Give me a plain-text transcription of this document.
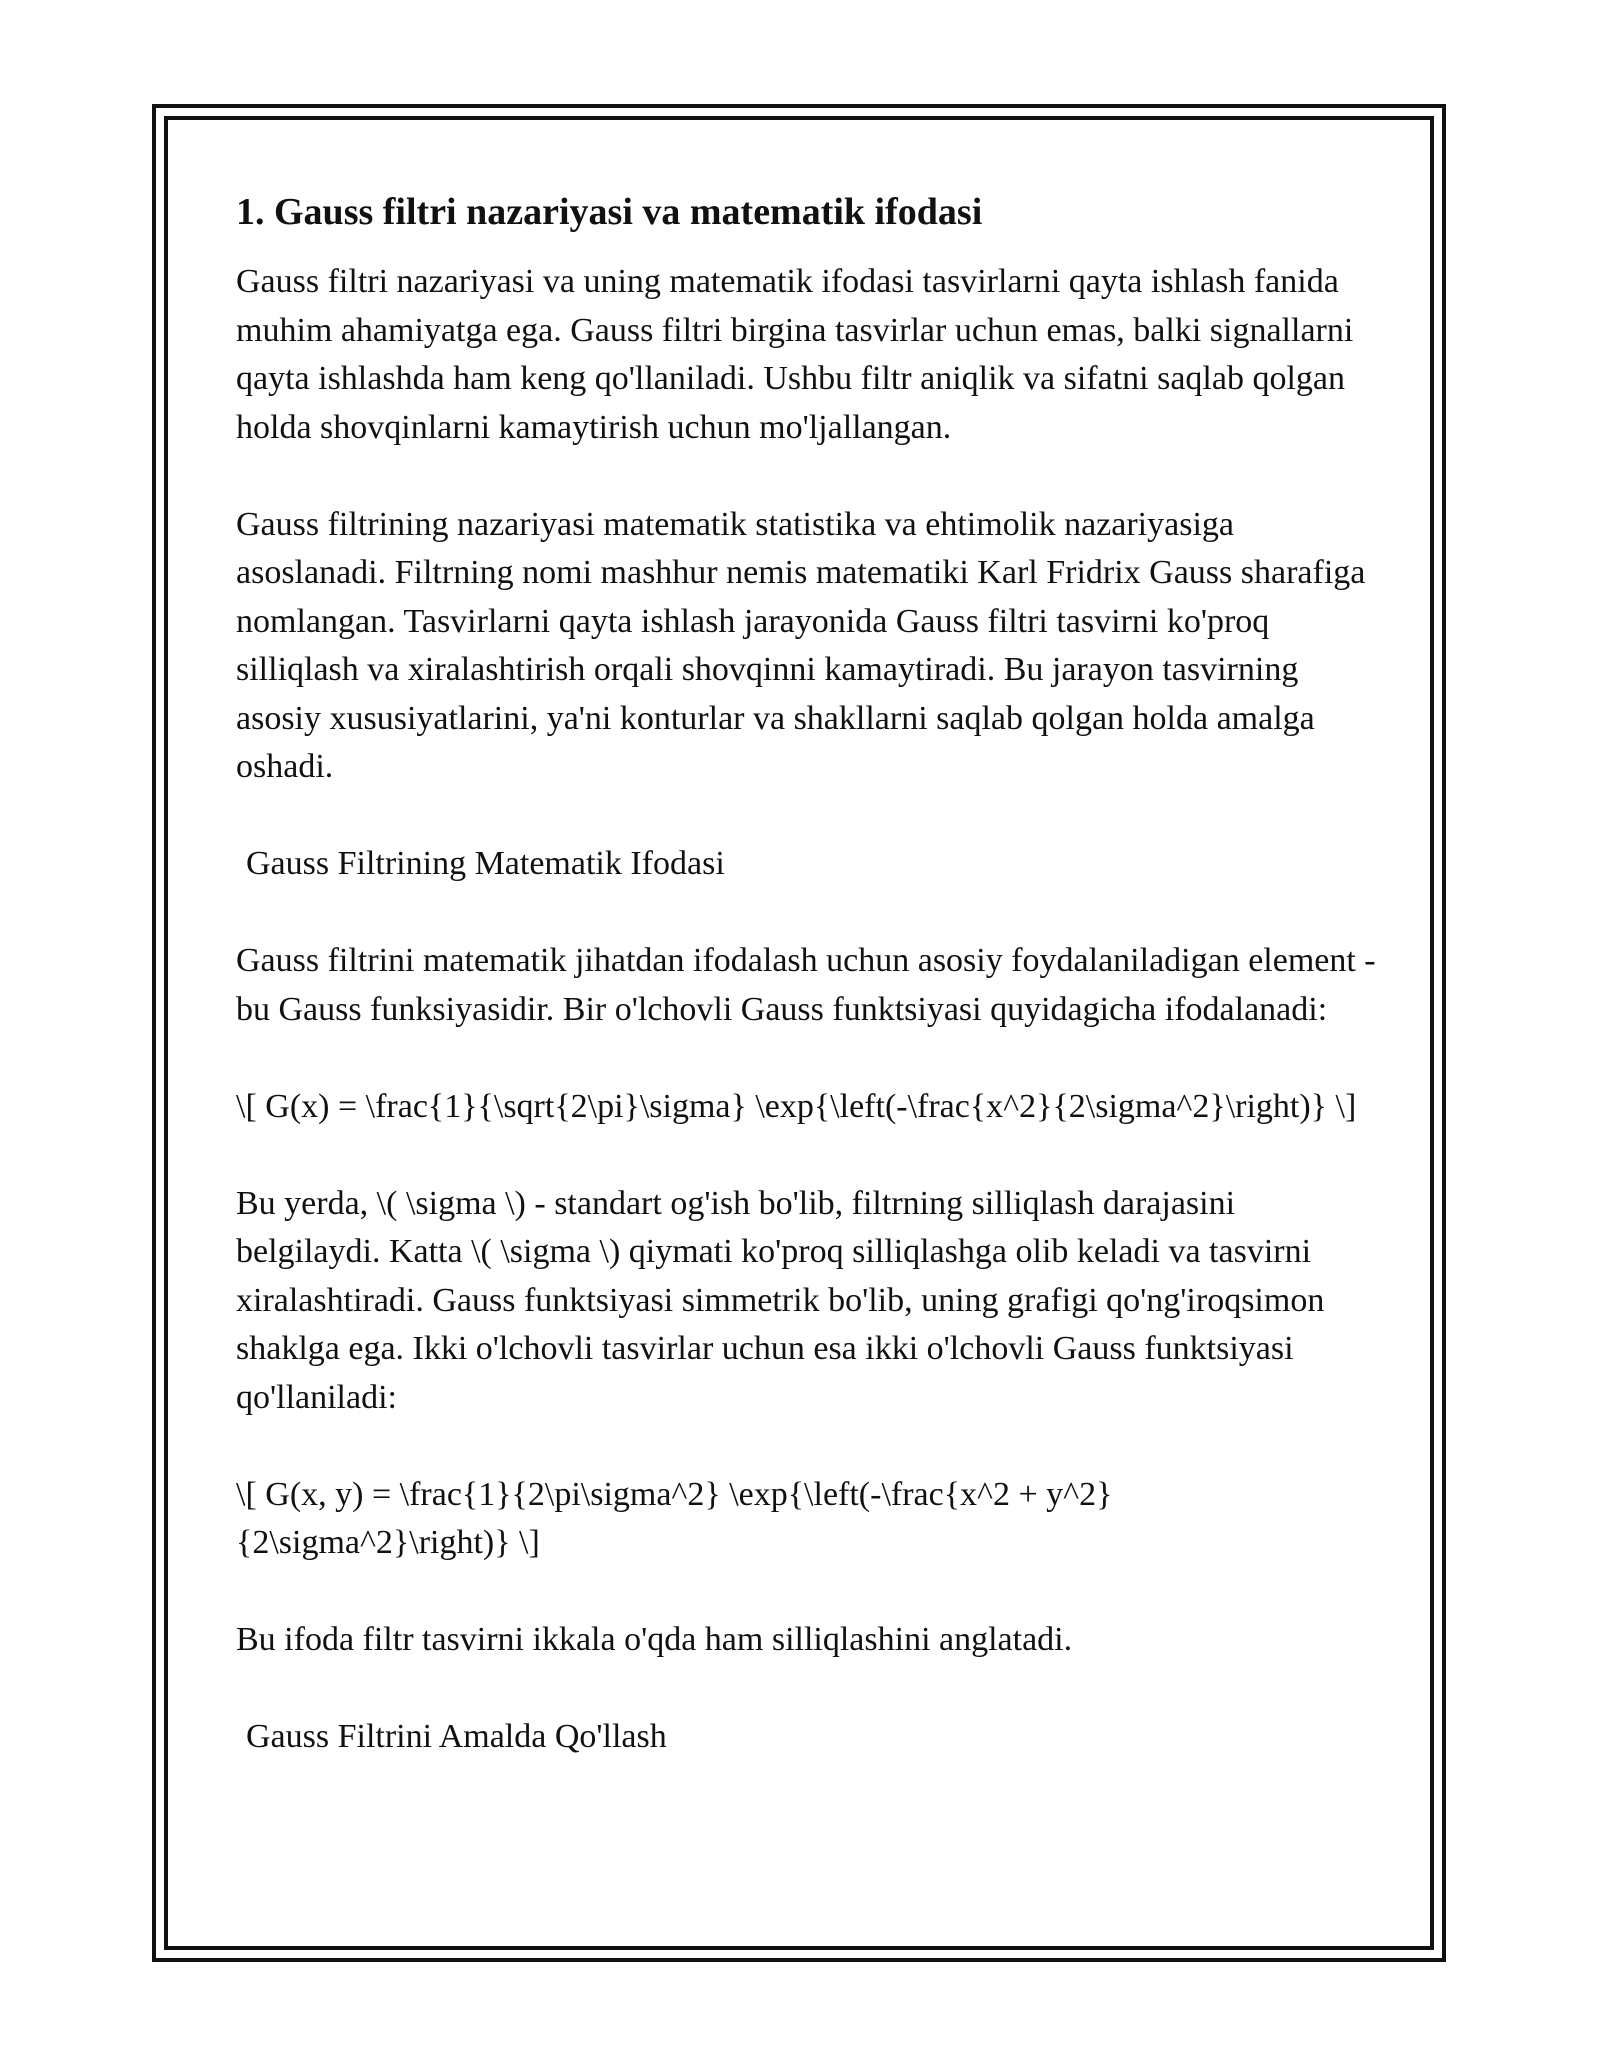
1. Gauss filtri nazariyasi va matematik ifodasi

Gauss filtri nazariyasi va uning matematik ifodasi tasvirlarni qayta ishlash fanida muhim ahamiyatga ega. Gauss filtri birgina tasvirlar uchun emas, balki signallarni qayta ishlashda ham keng qo'llaniladi. Ushbu filtr aniqlik va sifatni saqlab qolgan holda shovqinlarni kamaytirish uchun mo'ljallangan.

Gauss filtrining nazariyasi matematik statistika va ehtimolik nazariyasiga asoslanadi. Filtrning nomi mashhur nemis matematiki Karl Fridrix Gauss sharafiga nomlangan. Tasvirlarni qayta ishlash jarayonida Gauss filtri tasvirni ko'proq silliqlash va xiralashtirish orqali shovqinni kamaytiradi. Bu jarayon tasvirning asosiy xususiyatlarini, ya'ni konturlar va shakllarni saqlab qolgan holda amalga oshadi.

Gauss Filtrining Matematik Ifodasi

Gauss filtrini matematik jihatdan ifodalash uchun asosiy foydalaniladigan element - bu Gauss funksiyasidir. Bir o'lchovli Gauss funktsiyasi quyidagicha ifodalanadi:

\[ G(x) = \frac{1}{\sqrt{2\pi}\sigma} \exp{\left(-\frac{x^2}{2\sigma^2}\right)} \]

Bu yerda, \( \sigma \) - standart og'ish bo'lib, filtrning silliqlash darajasini belgilaydi. Katta \( \sigma \) qiymati ko'proq silliqlashga olib keladi va tasvirni xiralashtiradi. Gauss funktsiyasi simmetrik bo'lib, uning grafigi qo'ng'iroqsimon shaklga ega. Ikki o'lchovli tasvirlar uchun esa ikki o'lchovli Gauss funktsiyasi qo'llaniladi:

\[ G(x, y) = \frac{1}{2\pi\sigma^2} \exp{\left(-\frac{x^2 + y^2}{2\sigma^2}\right)} \]

Bu ifoda filtr tasvirni ikkala o'qda ham silliqlashini anglatadi.

Gauss Filtrini Amalda Qo'llash
